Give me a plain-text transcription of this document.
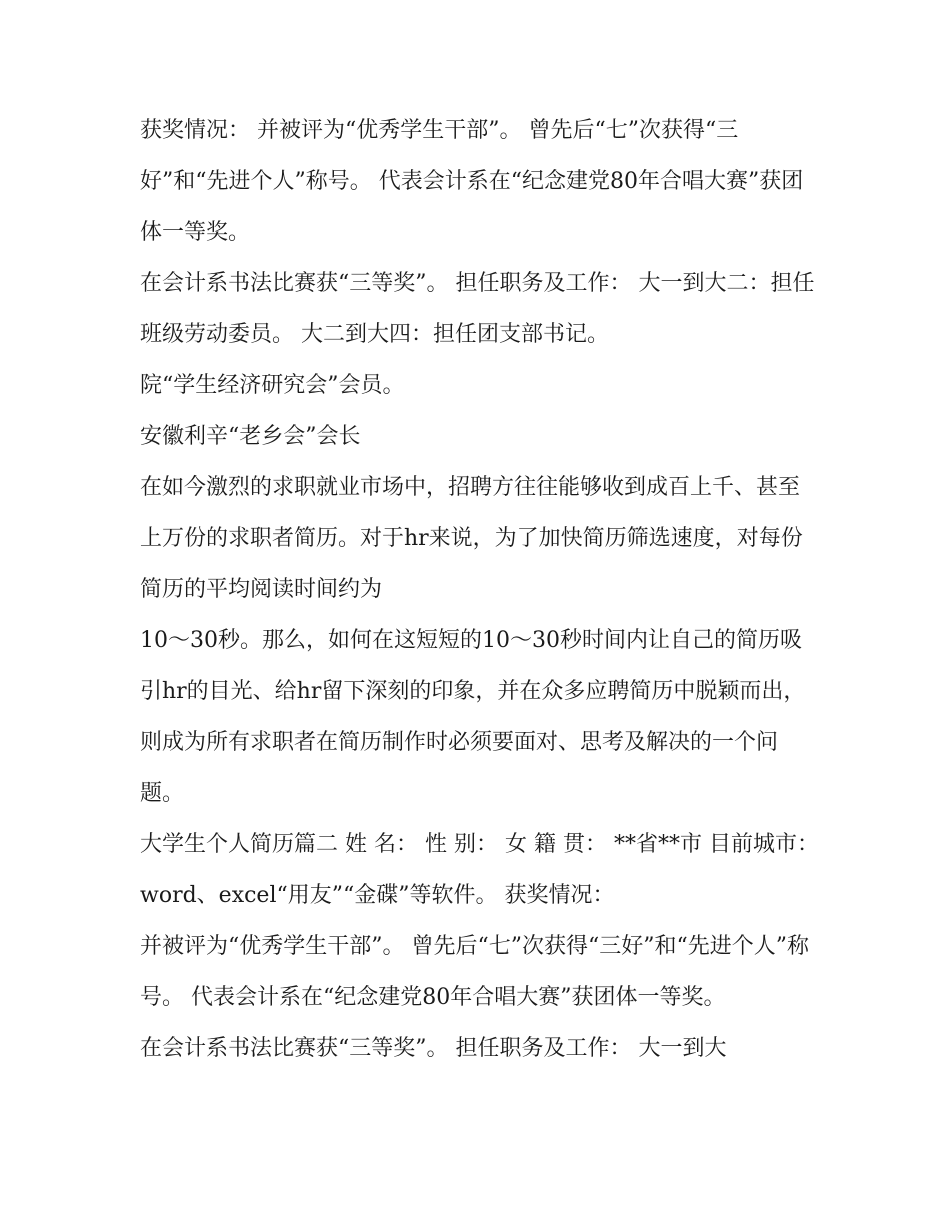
获奖情况： 并被评为“优秀学生干部”。 曾先后“七”次获得“三好”和“先进个人”称号。 代表会计系在“纪念建党80年合唱大赛”获团体一等奖。

在会计系书法比赛获“三等奖”。 担任职务及工作： 大一到大二：担任班级劳动委员。 大二到大四：担任团支部书记。

院“学生经济研究会”会员。

安徽利辛“老乡会”会长

在如今激烈的求职就业市场中，招聘方往往能够收到成百上千、甚至上万份的求职者简历。对于hr来说，为了加快简历筛选速度，对每份简历的平均阅读时间约为

10～30秒。那么，如何在这短短的10～30秒时间内让自己的简历吸引hr的目光、给hr留下深刻的印象，并在众多应聘简历中脱颖而出，则成为所有求职者在简历制作时必须要面对、思考及解决的一个问题。

大学生个人简历篇二 姓 名： 性 别： 女 籍 贯： **省**市 目前城市：word、excel“用友”“金碟”等软件。 获奖情况：

并被评为“优秀学生干部”。 曾先后“七”次获得“三好”和“先进个人”称号。 代表会计系在“纪念建党80年合唱大赛”获团体一等奖。

在会计系书法比赛获“三等奖”。 担任职务及工作： 大一到大
